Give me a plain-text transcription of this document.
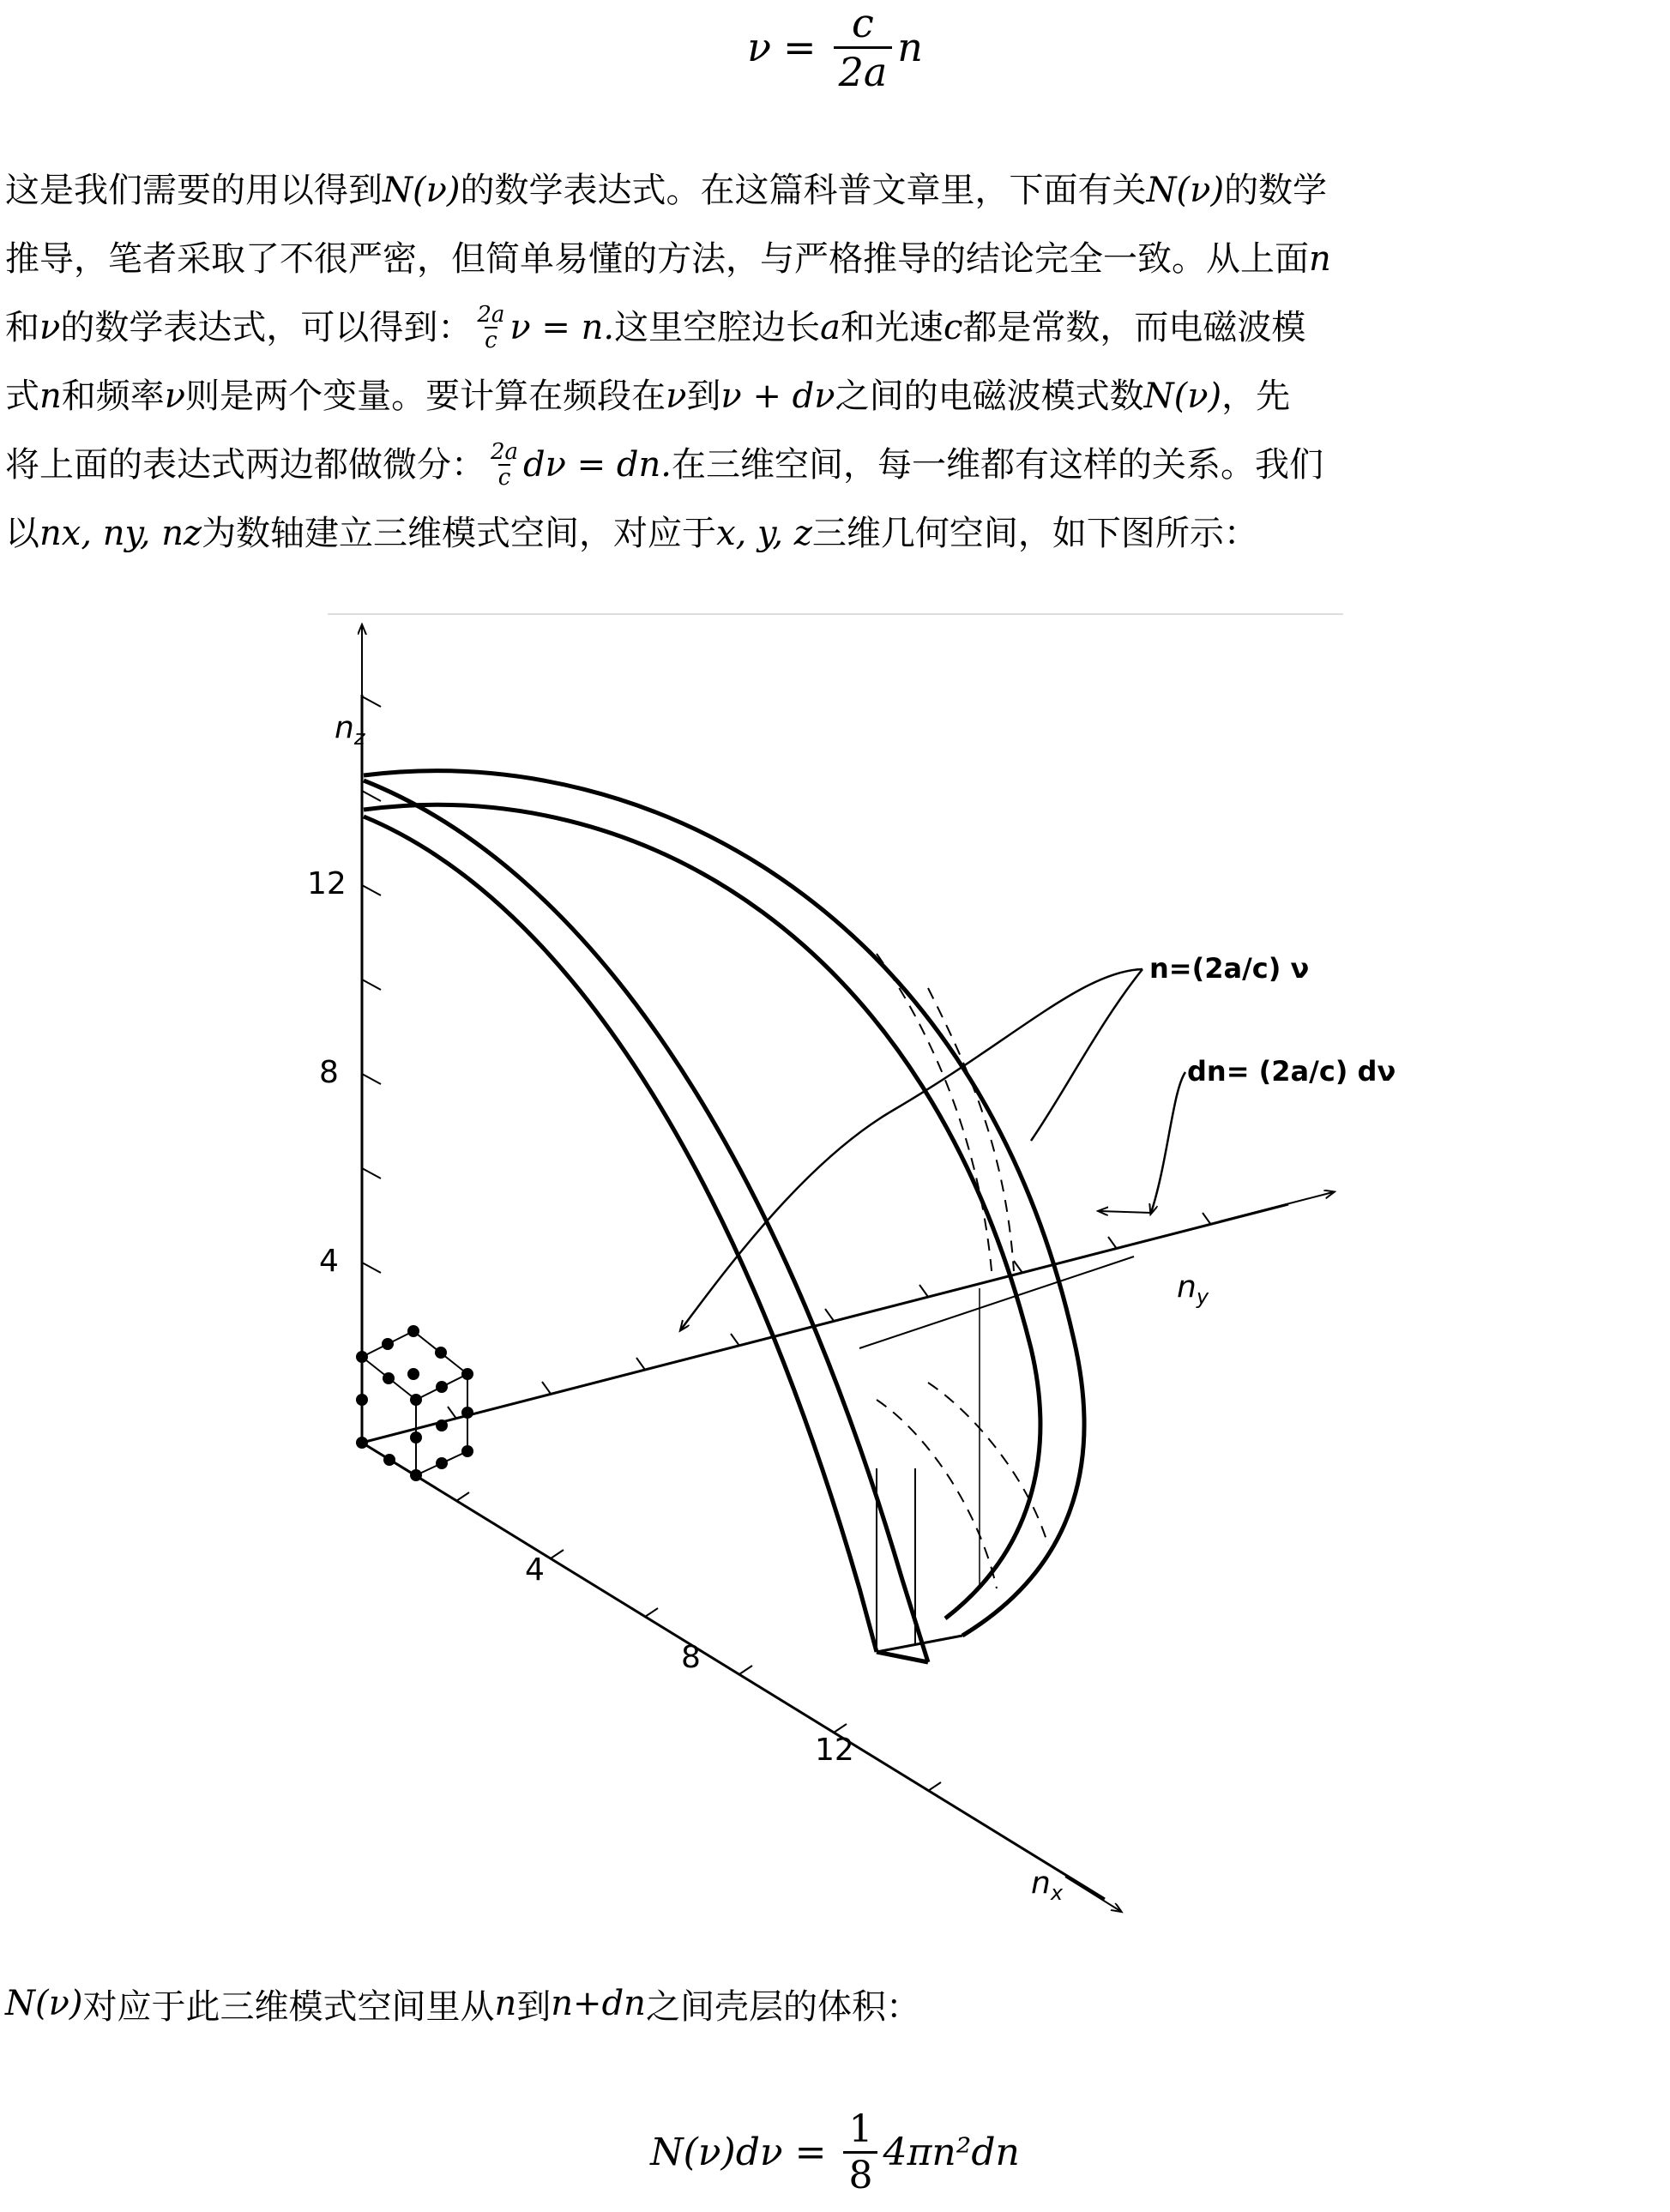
$\nu = \frac{c}{2a}$ n
这是我们需要的用以得到 N(ν) 的数学表达式。在这篇科普文章里，下面有关 N(ν) 的数学
推导，笔者采取了不很严密，但简单易懂的方法，与严格推导的结论完全一致。从上面 n
和 ν 的数学表达式，可以得到： $\frac{2a}{c}$ ν = n. 这里空腔边长 a 和光速 c 都是常数，而电磁波模
式 n 和频率 ν 则是两个变量。要计算在频段在 ν 到 ν + dν 之间的电磁波模式数 N(ν) ，先
将上面的表达式两边都做微分： $\frac{2a}{c}$ dν = dn. 在三维空间，每一维都有这样的关系。我们
以 nx, ny, nz 为数轴建立三维模式空间，对应于 x, y, z 三维几何空间，如下图所示：
$n_z$
$n_y$
$n_x$
12
8
4
4
8
12
n=(2a/c) ν
dn= (2a/c) dν
N(ν) 对应于此三维模式空间里从 n 到 n+dn 之间壳层的体积：
$N(\nu)d\nu = \frac{1}{8} 4\pi n^2dn$
